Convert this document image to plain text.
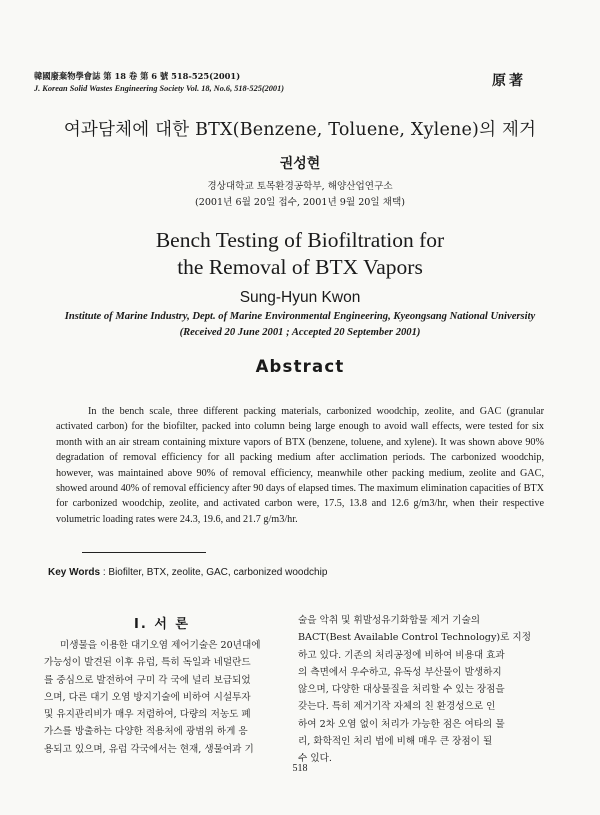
韓國廢棄物學會誌 第 18 卷 第 6 號 518-525(2001)
J. Korean Solid Wastes Engineering Society Vol. 18, No.6, 518-525(2001)	原著
여과담체에 대한 BTX(Benzene, Toluene, Xylene)의 제거
권성현
경상대학교 토목환경공학부, 해양산업연구소
(2001년 6월 20일 접수, 2001년 9월 20일 채택)
Bench Testing of Biofiltration for
the Removal of BTX Vapors
Sung-Hyun Kwon
Institute of Marine Industry, Dept. of Marine Environmental Engineering, Kyeongsang National University
(Received 20 June 2001 ; Accepted 20 September 2001)
Abstract

In the bench scale, three different packing materials, carbonized woodchip, zeolite, and GAC (granular activated carbon) for the biofilter, packed into column being large enough to avoid wall effects, were tested for six month with an air stream containing mixture vapors of BTX (benzene, toluene, and xylene). It was shown above 90% degradation of removal efficiency for all packing medium after acclimation periods. The carbonized woodchip, however, was maintained above 90% of removal efficiency, meanwhile other packing medium, zeolite and GAC, showed around 40% of removal efficiency after 90 days of elapsed times. The maximum elimination capacities of BTX for carbonized woodchip, zeolite, and activated carbon were, 17.5, 13.8 and 12.6 g/m3/hr, when their respective volumetric loading rates were 24.3, 19.6, and 21.7 g/m3/hr.

Key Words : Biofilter, BTX, zeolite, GAC, carbonized woodchip
I. 서 론

미생물을 이용한 대기오염 제어기술은 20년대에

가능성이 발견된 이후 유럽, 특히 독일과 네덜란드

를 중심으로 발전하여 구미 각 국에 널리 보급되었

으며, 다른 대기 오염 방지기술에 비하여 시설투자

및 유지관리비가 매우 저렴하여, 다량의 저농도 폐

가스를 방출하는 다양한 적용처에 광범위 하게 응

용되고 있으며, 유럽 각국에서는 현재, 생물여과 기

술을 악취 및 휘발성유기화합물 제거 기술의

BACT(Best Available Control Technology)로 지정

하고 있다. 기존의 처리공정에 비하여 비용대 효과

의 측면에서 우수하고, 유독성 부산물이 발생하지

않으며, 다양한 대상물질을 처리할 수 있는 장점을

갖는다. 특히 제거기작 자체의 친 환경성으로 인

하여 2차 오염 없이 처리가 가능한 점은 여타의 물

리, 화학적인 처리 법에 비해 매우 큰 장점이 될

수 있다.

518
